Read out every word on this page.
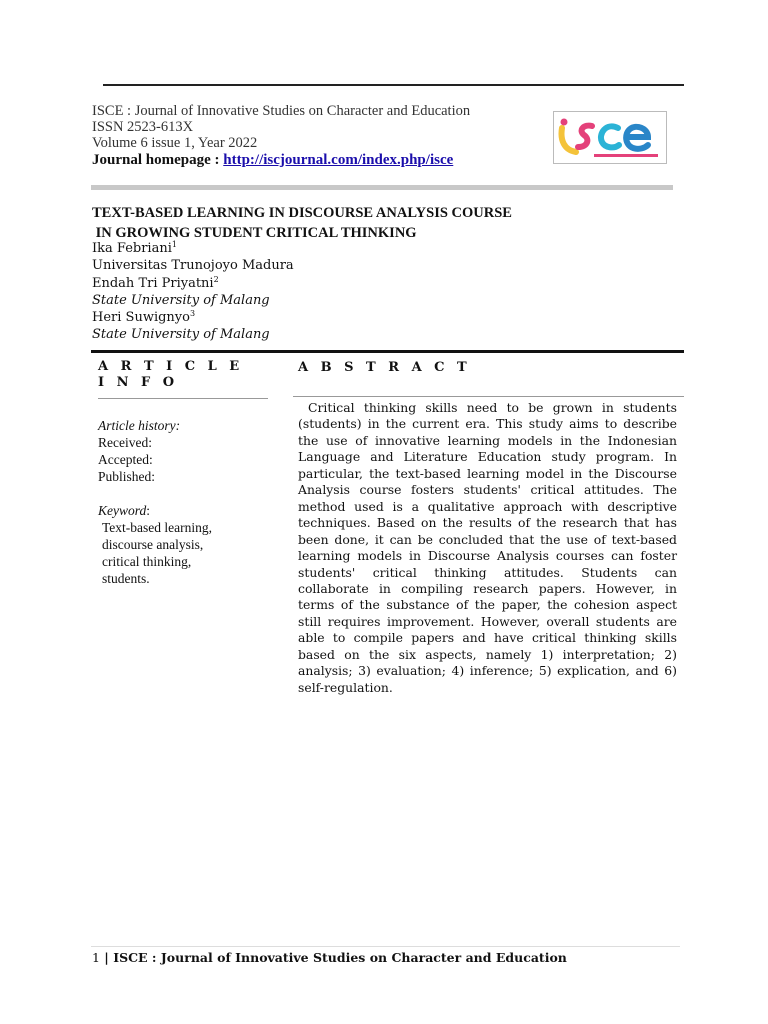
ISCE : Journal of Innovative Studies on Character and Education
ISSN 2523-613X
Volume 6 issue 1, Year 2022
Journal homepage : http://iscjournal.com/index.php/isce
TEXT-BASED LEARNING IN DISCOURSE ANALYSIS COURSE
IN GROWING STUDENT CRITICAL THINKING
Ika Febriani$^1$
Universitas Trunojoyo Madura
Endah Tri Priyatni$^2$
State University of Malang
Heri Suwignyo$^3$
State University of Malang
A R T I C L E
I N F O
A B S T R A C T
Article history:
Received:
Accepted:
Published:
Keyword:
Text-based learning,
discourse analysis,
critical thinking,
students.

Critical thinking skills need to be grown in students (students) in the current era. This study aims to describe the use of innovative learning models in the Indonesian Language and Literature Education study program. In particular, the text-based learning model in the Discourse Analysis course fosters students' critical attitudes. The method used is a qualitative approach with descriptive techniques. Based on the results of the research that has been done, it can be concluded that the use of text-based learning models in Discourse Analysis courses can foster students' critical thinking attitudes. Students can collaborate in compiling research papers. However, in terms of the substance of the paper, the cohesion aspect still requires improvement. However, overall students are able to compile papers and have critical thinking skills based on the six aspects, namely 1) interpretation; 2) analysis; 3) evaluation; 4) inference; 5) explication, and 6) self-regulation.

1 | ISCE : Journal of Innovative Studies on Character and Education
